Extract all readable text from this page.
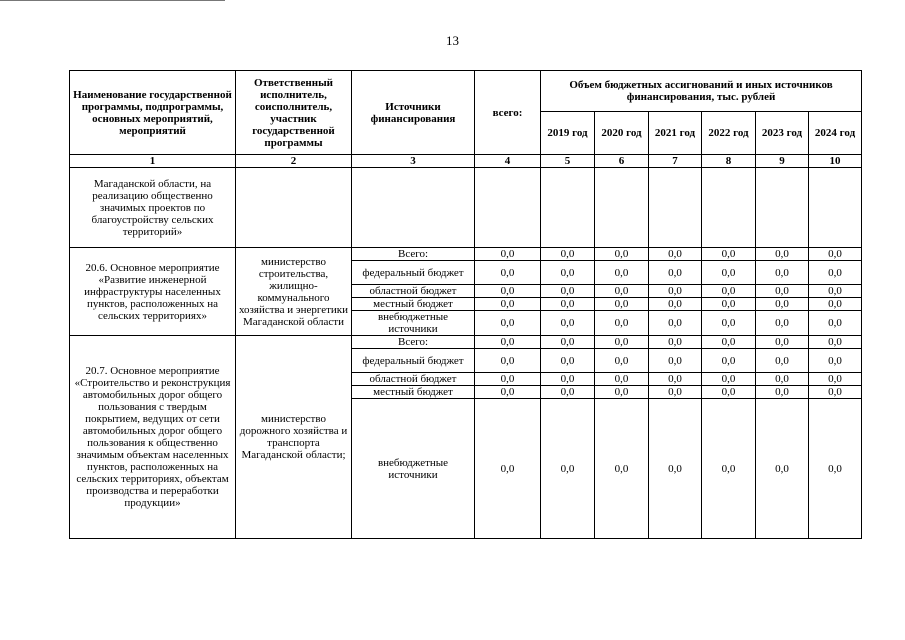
13
Наименование государственной программы, подпрограммы, основных мероприятий, мероприятий	Ответственный исполнитель, соисполнитель, участник государственной программы	Источники финансирования	всего:	Объем бюджетных ассигнований и иных источников финансирования, тыс. рублей					
				2019 год	2020 год	2021 год	2022 год	2023 год	2024 год
1	2	3	4	5	6	7	8	9	10
Магаданской области, на реализацию общественно значимых проектов по благоустройству сельских территорий»									
20.6. Основное мероприятие «Развитие инженерной инфраструктуры населенных пунктов, расположенных на сельских территориях»	министерство строительства, жилищно-коммунального хозяйства и энергетики Магаданской области	Всего:	0,0	0,0	0,0	0,0	0,0	0,0	0,0
		федеральный бюджет	0,0	0,0	0,0	0,0	0,0	0,0	0,0
		областной бюджет	0,0	0,0	0,0	0,0	0,0	0,0	0,0
		местный бюджет	0,0	0,0	0,0	0,0	0,0	0,0	0,0
		внебюджетные источники	0,0	0,0	0,0	0,0	0,0	0,0	0,0
20.7. Основное мероприятие «Строительство и реконструкция автомобильных дорог общего пользования с твердым покрытием, ведущих от сети автомобильных дорог общего пользования к общественно значимым объектам населенных пунктов, расположенных на сельских территориях, объектам производства и переработки продукции»	министерство дорожного хозяйства и транспорта Магаданской области;	Всего:	0,0	0,0	0,0	0,0	0,0	0,0	0,0
		федеральный бюджет	0,0	0,0	0,0	0,0	0,0	0,0	0,0
		областной бюджет	0,0	0,0	0,0	0,0	0,0	0,0	0,0
		местный бюджет	0,0	0,0	0,0	0,0	0,0	0,0	0,0
		внебюджетные источники	0,0	0,0	0,0	0,0	0,0	0,0	0,0
